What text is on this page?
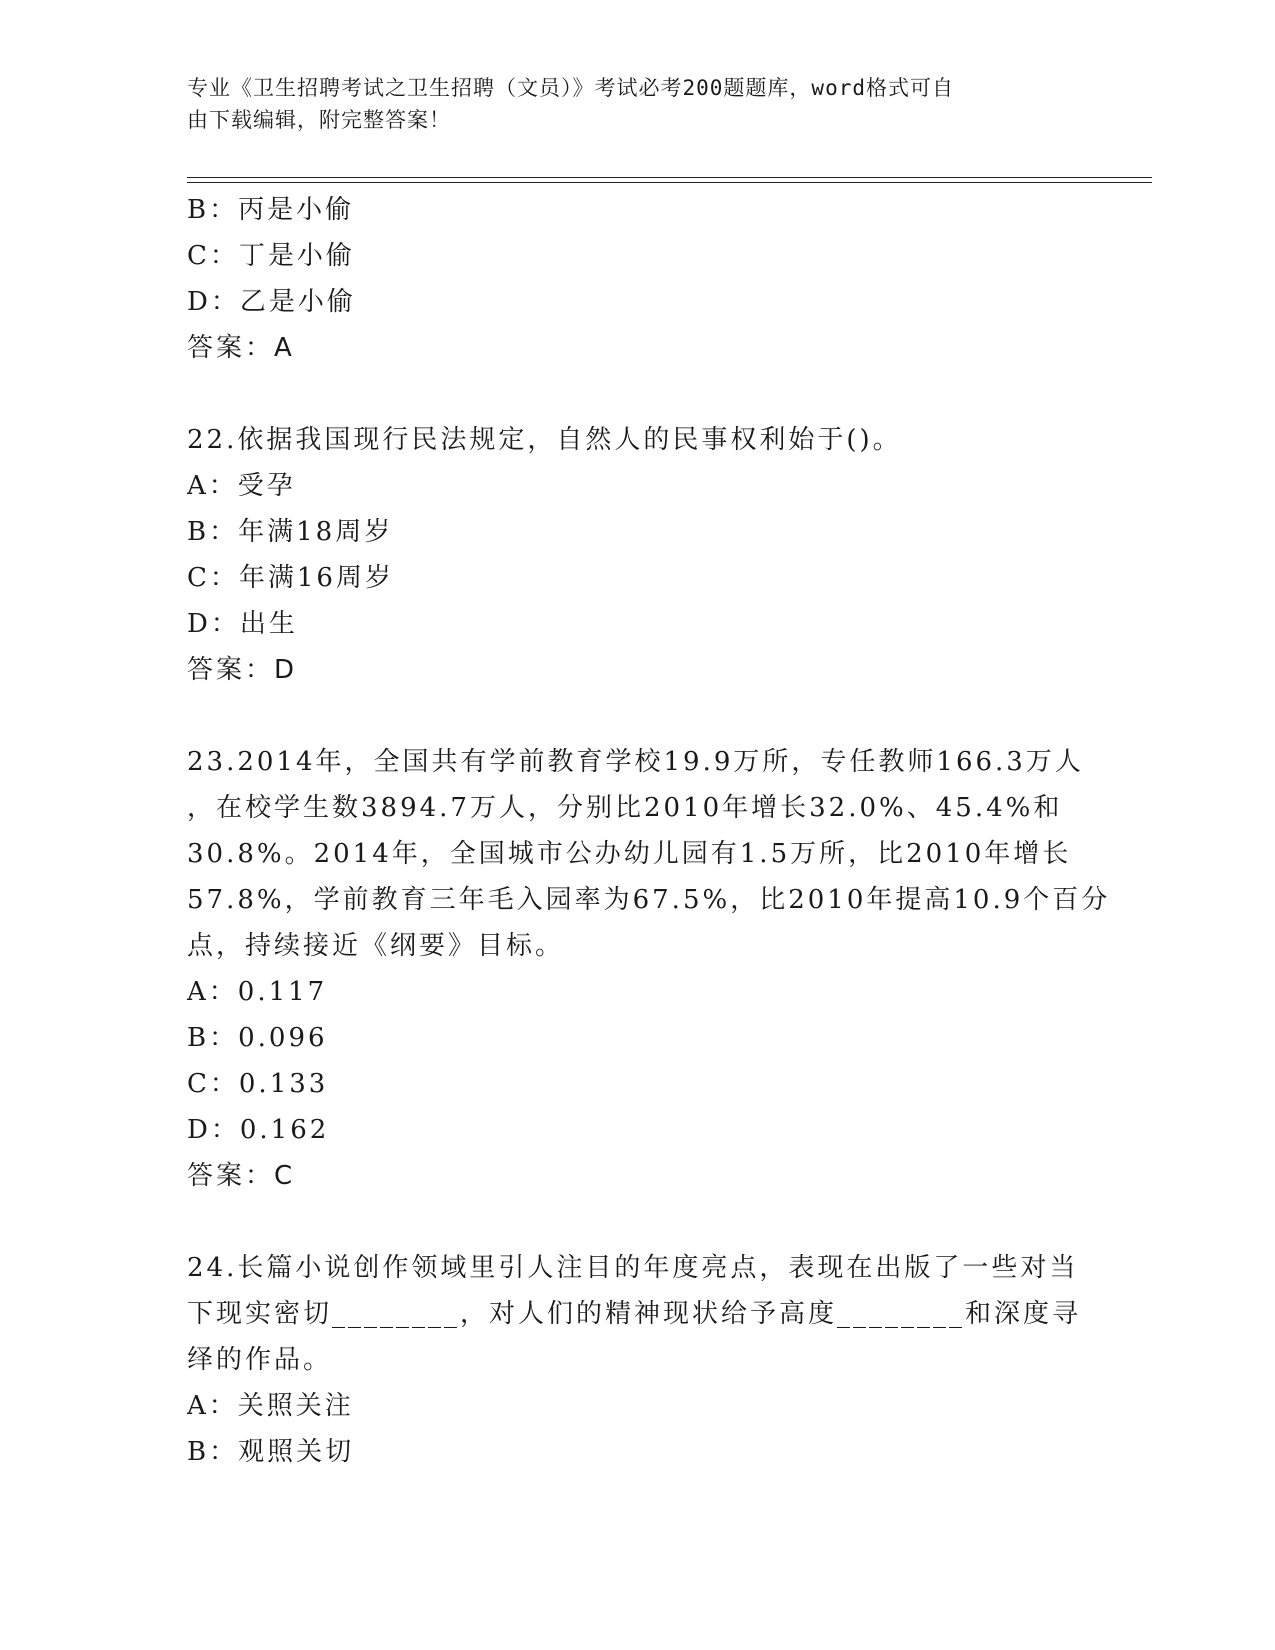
专业《卫生招聘考试之卫生招聘（文员）》考试必考200题题库，word格式可自
由下载编辑，附完整答案！
B：丙是小偷
C：丁是小偷
D：乙是小偷
答案：A
22.依据我国现行民法规定，自然人的民事权利始于()。
A：受孕
B：年满18周岁
C：年满16周岁
D：出生
答案：D
23.2014年，全国共有学前教育学校19.9万所，专任教师166.3万人
，在校学生数3894.7万人，分别比2010年增长32.0%、45.4%和
30.8%。2014年，全国城市公办幼儿园有1.5万所，比2010年增长
57.8%，学前教育三年毛入园率为67.5%，比2010年提高10.9个百分
点，持续接近《纲要》目标。
A：0.117
B：0.096
C：0.133
D：0.162
答案：C
24.长篇小说创作领域里引人注目的年度亮点，表现在出版了一些对当
下现实密切________，对人们的精神现状给予高度________和深度寻
绎的作品。
A：关照关注
B：观照关切
